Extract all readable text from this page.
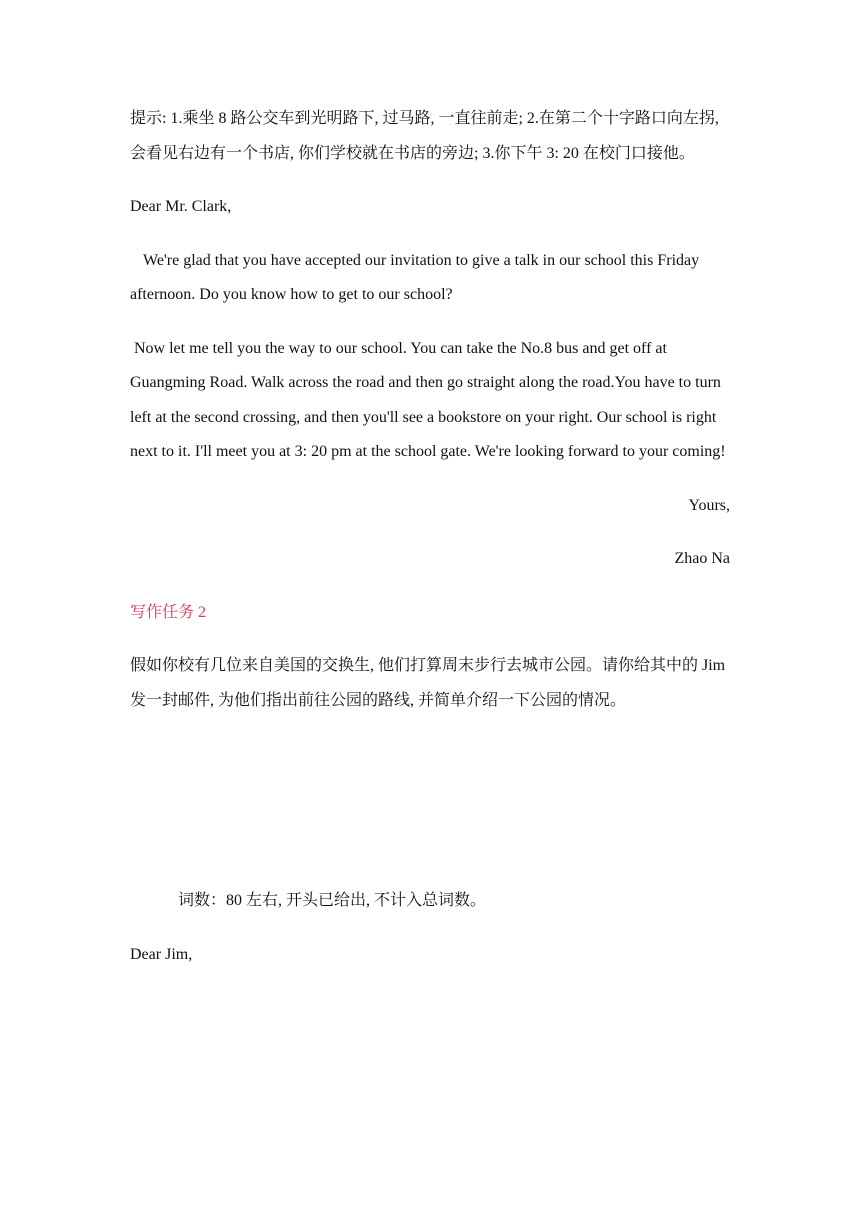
提示: 1.乘坐 8 路公交车到光明路下, 过马路, 一直往前走; 2.在第二个十字路口向左拐, 会看见右边有一个书店, 你们学校就在书店的旁边; 3.你下午 3: 20 在校门口接他。

Dear Mr. Clark,

We're glad that you have accepted our invitation to give a talk in our school this Friday afternoon. Do you know how to get to our school?

Now let me tell you the way to our school. You can take the No.8 bus and get off at Guangming Road. Walk across the road and then go straight along the road.You have to turn left at the second crossing, and then you'll see a bookstore on your right. Our school is right next to it. I'll meet you at 3: 20 pm at the school gate. We're looking forward to your coming!

Yours,

Zhao Na

写作任务 2

假如你校有几位来自美国的交换生, 他们打算周末步行去城市公园。请你给其中的 Jim 发一封邮件, 为他们指出前往公园的路线, 并简单介绍一下公园的情况。

词数：80 左右, 开头已给出, 不计入总词数。

Dear Jim,
